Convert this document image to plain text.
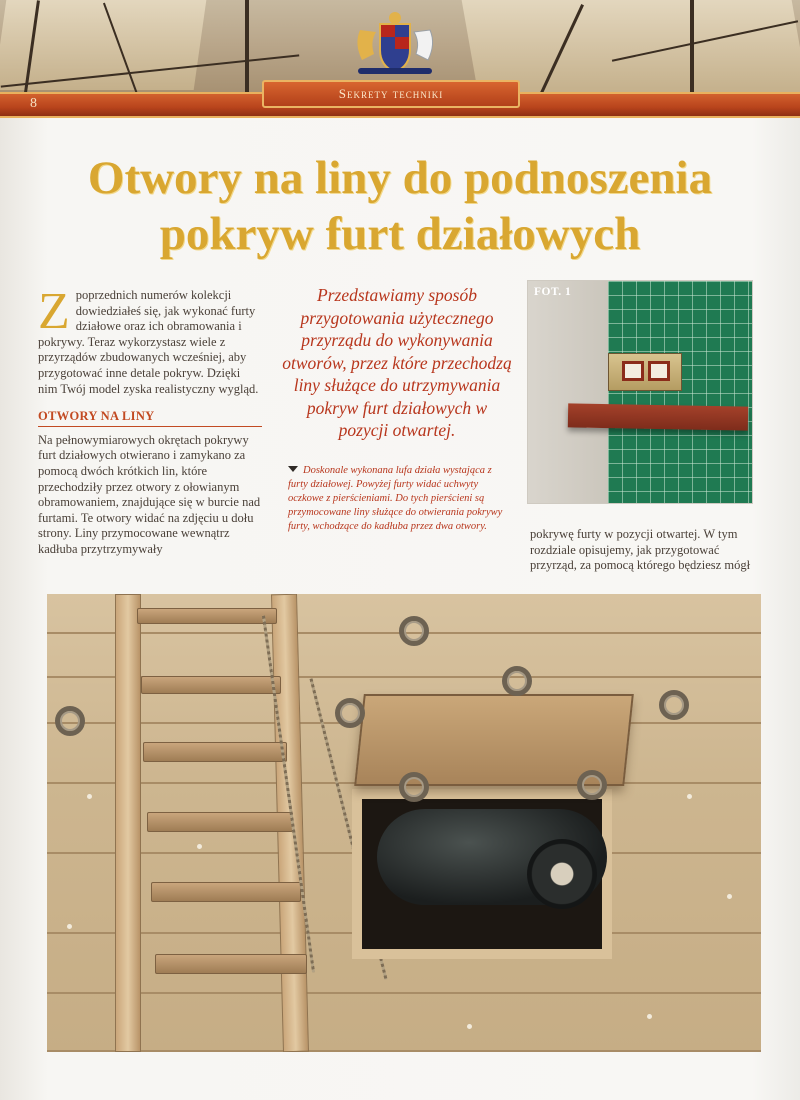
8
Sekrety techniki
Otwory na liny do podnoszenia
pokryw furt działowych
Z poprzednich numerów kolekcji dowiedziałeś się, jak wykonać furty działowe oraz ich obramowania i pokrywy. Teraz wykorzystasz wiele z przyrządów zbudowanych wcześniej, aby przygotować inne detale pokryw. Dzięki nim Twój model zyska realistyczny wygląd.
OTWORY NA LINY
Na pełnowymiarowych okrętach pokrywy furt działowych otwierano i zamykano za pomocą dwóch krótkich lin, które przechodziły przez otwory z ołowianym obramowaniem, znajdujące się w burcie nad furtami. Te otwory widać na zdjęciu u dołu strony. Liny przymocowane wewnątrz kadłuba przytrzymywały
Przedstawiamy sposób przygotowania użytecznego przyrządu do wykonywania otworów, przez które przechodzą liny służące do utrzymywania pokryw furt działowych w pozycji otwartej.
Doskonale wykonana lufa działa wystająca z furty działowej. Powyżej furty widać uchwyty oczkowe z pierścieniami. Do tych pierścieni są przymocowane liny służące do otwierania pokrywy furty, wchodzące do kadłuba przez dwa otwory.
FOT. 1
pokrywę furty w pozycji otwartej. W tym rozdziale opisujemy, jak przygotować przyrząd, za pomocą którego będziesz mógł
